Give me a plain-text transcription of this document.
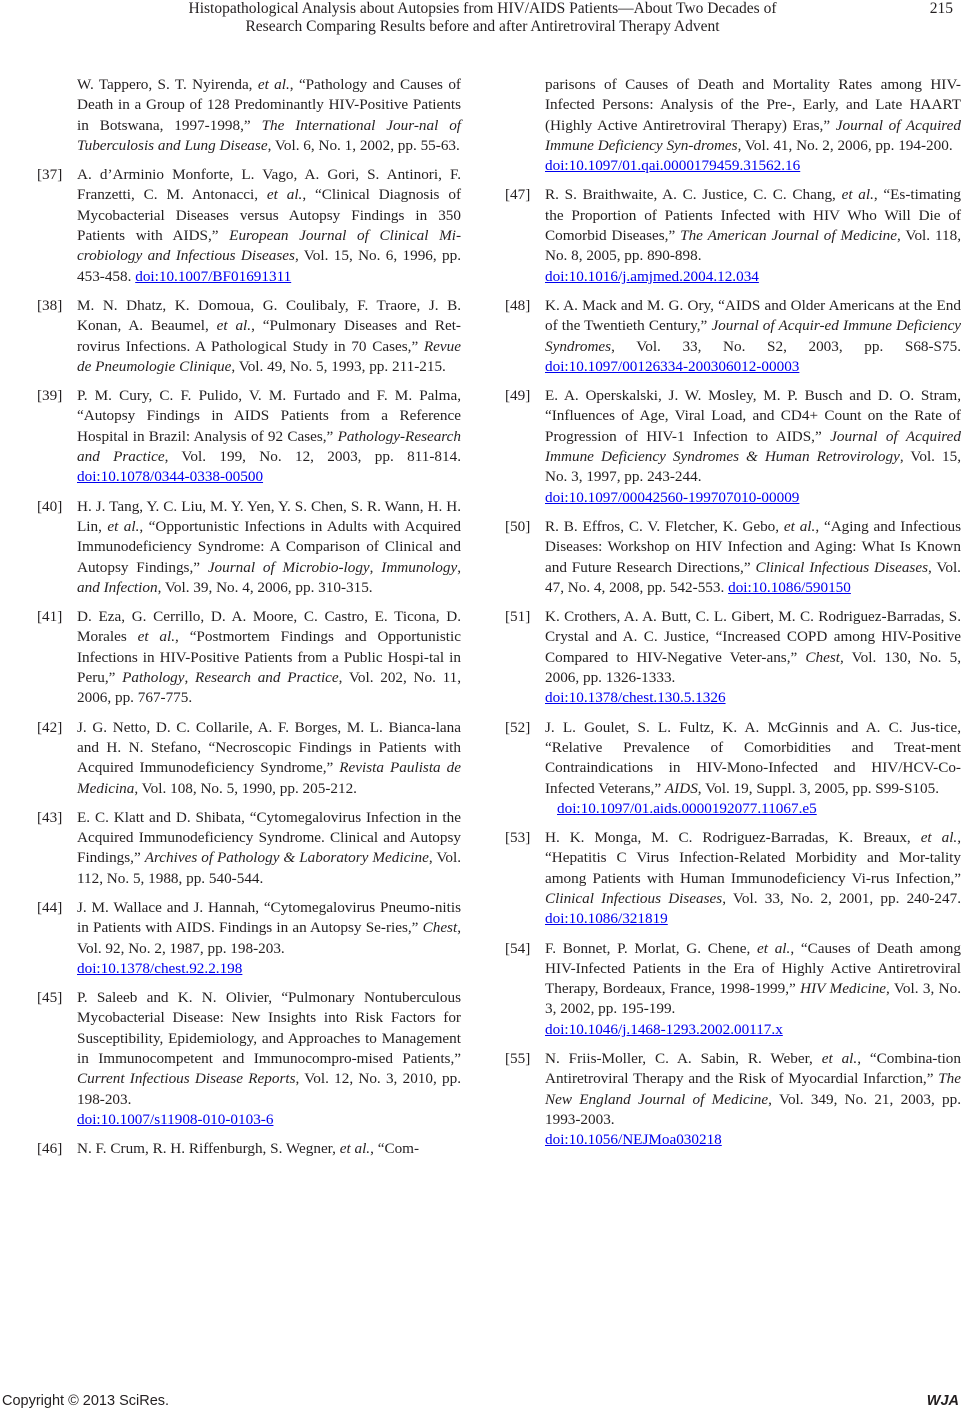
Histopathological Analysis about Autopsies from HIV/AIDS Patients—About Two Decades of
Research Comparing Results before and after Antiretroviral Therapy Advent
215
W. Tappero, S. T. Nyirenda, et al., “Pathology and Causes of Death in a Group of 128 Predominantly HIV-Positive Patients in Botswana, 1997-1998,” The International Jour-nal of Tuberculosis and Lung Disease, Vol. 6, No. 1, 2002, pp. 55-63.
[37] A. d’Arminio Monforte, L. Vago, A. Gori, S. Antinori, F. Franzetti, C. M. Antonacci, et al., “Clinical Diagnosis of Mycobacterial Diseases versus Autopsy Findings in 350 Patients with AIDS,” European Journal of Clinical Mi-crobiology and Infectious Diseases, Vol. 15, No. 6, 1996, pp. 453-458. doi:10.1007/BF01691311
[38] M. N. Dhatz, K. Domoua, G. Coulibaly, F. Traore, J. B. Konan, A. Beaumel, et al., “Pulmonary Diseases and Ret-rovirus Infections. A Pathological Study in 70 Cases,” Revue de Pneumologie Clinique, Vol. 49, No. 5, 1993, pp. 211-215.
[39] P. M. Cury, C. F. Pulido, V. M. Furtado and F. M. Palma, “Autopsy Findings in AIDS Patients from a Reference Hospital in Brazil: Analysis of 92 Cases,” Pathology-Research and Practice, Vol. 199, No. 12, 2003, pp. 811-814. doi:10.1078/0344-0338-00500
[40] H. J. Tang, Y. C. Liu, M. Y. Yen, Y. S. Chen, S. R. Wann, H. H. Lin, et al., “Opportunistic Infections in Adults with Acquired Immunodeficiency Syndrome: A Comparison of Clinical and Autopsy Findings,” Journal of Microbio-logy, Immunology, and Infection, Vol. 39, No. 4, 2006, pp. 310-315.
[41] D. Eza, G. Cerrillo, D. A. Moore, C. Castro, E. Ticona, D. Morales et al., “Postmortem Findings and Opportunistic Infections in HIV-Positive Patients from a Public Hospi-tal in Peru,” Pathology, Research and Practice, Vol. 202, No. 11, 2006, pp. 767-775.
[42] J. G. Netto, D. C. Collarile, A. F. Borges, M. L. Bianca-lana and H. N. Stefano, “Necroscopic Findings in Patients with Acquired Immunodeficiency Syndrome,” Revista Paulista de Medicina, Vol. 108, No. 5, 1990, pp. 205-212.
[43] E. C. Klatt and D. Shibata, “Cytomegalovirus Infection in the Acquired Immunodeficiency Syndrome. Clinical and Autopsy Findings,” Archives of Pathology & Laboratory Medicine, Vol. 112, No. 5, 1988, pp. 540-544.
[44] J. M. Wallace and J. Hannah, “Cytomegalovirus Pneumo-nitis in Patients with AIDS. Findings in an Autopsy Se-ries,” Chest, Vol. 92, No. 2, 1987, pp. 198-203.
doi:10.1378/chest.92.2.198
[45] P. Saleeb and K. N. Olivier, “Pulmonary Nontuberculous Mycobacterial Disease: New Insights into Risk Factors for Susceptibility, Epidemiology, and Approaches to Management in Immunocompetent and Immunocompro-mised Patients,” Current Infectious Disease Reports, Vol. 12, No. 3, 2010, pp. 198-203.
doi:10.1007/s11908-010-0103-6
[46] N. F. Crum, R. H. Riffenburgh, S. Wegner, et al., “Com-
parisons of Causes of Death and Mortality Rates among HIV-Infected Persons: Analysis of the Pre-, Early, and Late HAART (Highly Active Antiretroviral Therapy) Eras,” Journal of Acquired Immune Deficiency Syn-dromes, Vol. 41, No. 2, 2006, pp. 194-200.
doi:10.1097/01.qai.0000179459.31562.16
[47] R. S. Braithwaite, A. C. Justice, C. C. Chang, et al., “Es-timating the Proportion of Patients Infected with HIV Who Will Die of Comorbid Diseases,” The American Journal of Medicine, Vol. 118, No. 8, 2005, pp. 890-898.
doi:10.1016/j.amjmed.2004.12.034
[48] K. A. Mack and M. G. Ory, “AIDS and Older Americans at the End of the Twentieth Century,” Journal of Acquir-ed Immune Deficiency Syndromes, Vol. 33, No. S2, 2003, pp. S68-S75. doi:10.1097/00126334-200306012-00003
[49] E. A. Operskalski, J. W. Mosley, M. P. Busch and D. O. Stram, “Influences of Age, Viral Load, and CD4+ Count on the Rate of Progression of HIV-1 Infection to AIDS,” Journal of Acquired Immune Deficiency Syndromes & Human Retrovirology, Vol. 15, No. 3, 1997, pp. 243-244.
doi:10.1097/00042560-199707010-00009
[50] R. B. Effros, C. V. Fletcher, K. Gebo, et al., “Aging and Infectious Diseases: Workshop on HIV Infection and Aging: What Is Known and Future Research Directions,” Clinical Infectious Diseases, Vol. 47, No. 4, 2008, pp. 542-553. doi:10.1086/590150
[51] K. Crothers, A. A. Butt, C. L. Gibert, M. C. Rodriguez-Barradas, S. Crystal and A. C. Justice, “Increased COPD among HIV-Positive Compared to HIV-Negative Veter-ans,” Chest, Vol. 130, No. 5, 2006, pp. 1326-1333.
doi:10.1378/chest.130.5.1326
[52] J. L. Goulet, S. L. Fultz, K. A. McGinnis and A. C. Jus-tice, “Relative Prevalence of Comorbidities and Treat-ment Contraindications in HIV-Mono-Infected and HIV/HCV-Co-Infected Veterans,” AIDS, Vol. 19, Suppl. 3, 2005, pp. S99-S105.
doi:10.1097/01.aids.0000192077.11067.e5
[53] H. K. Monga, M. C. Rodriguez-Barradas, K. Breaux, et al., “Hepatitis C Virus Infection-Related Morbidity and Mor-tality among Patients with Human Immunodeficiency Vi-rus Infection,” Clinical Infectious Diseases, Vol. 33, No. 2, 2001, pp. 240-247. doi:10.1086/321819
[54] F. Bonnet, P. Morlat, G. Chene, et al., “Causes of Death among HIV-Infected Patients in the Era of Highly Active Antiretroviral Therapy, Bordeaux, France, 1998-1999,” HIV Medicine, Vol. 3, No. 3, 2002, pp. 195-199.
doi:10.1046/j.1468-1293.2002.00117.x
[55] N. Friis-Moller, C. A. Sabin, R. Weber, et al., “Combina-tion Antiretroviral Therapy and the Risk of Myocardial Infarction,” The New England Journal of Medicine, Vol. 349, No. 21, 2003, pp. 1993-2003.
doi:10.1056/NEJMoa030218
Copyright © 2013 SciRes.	WJA
